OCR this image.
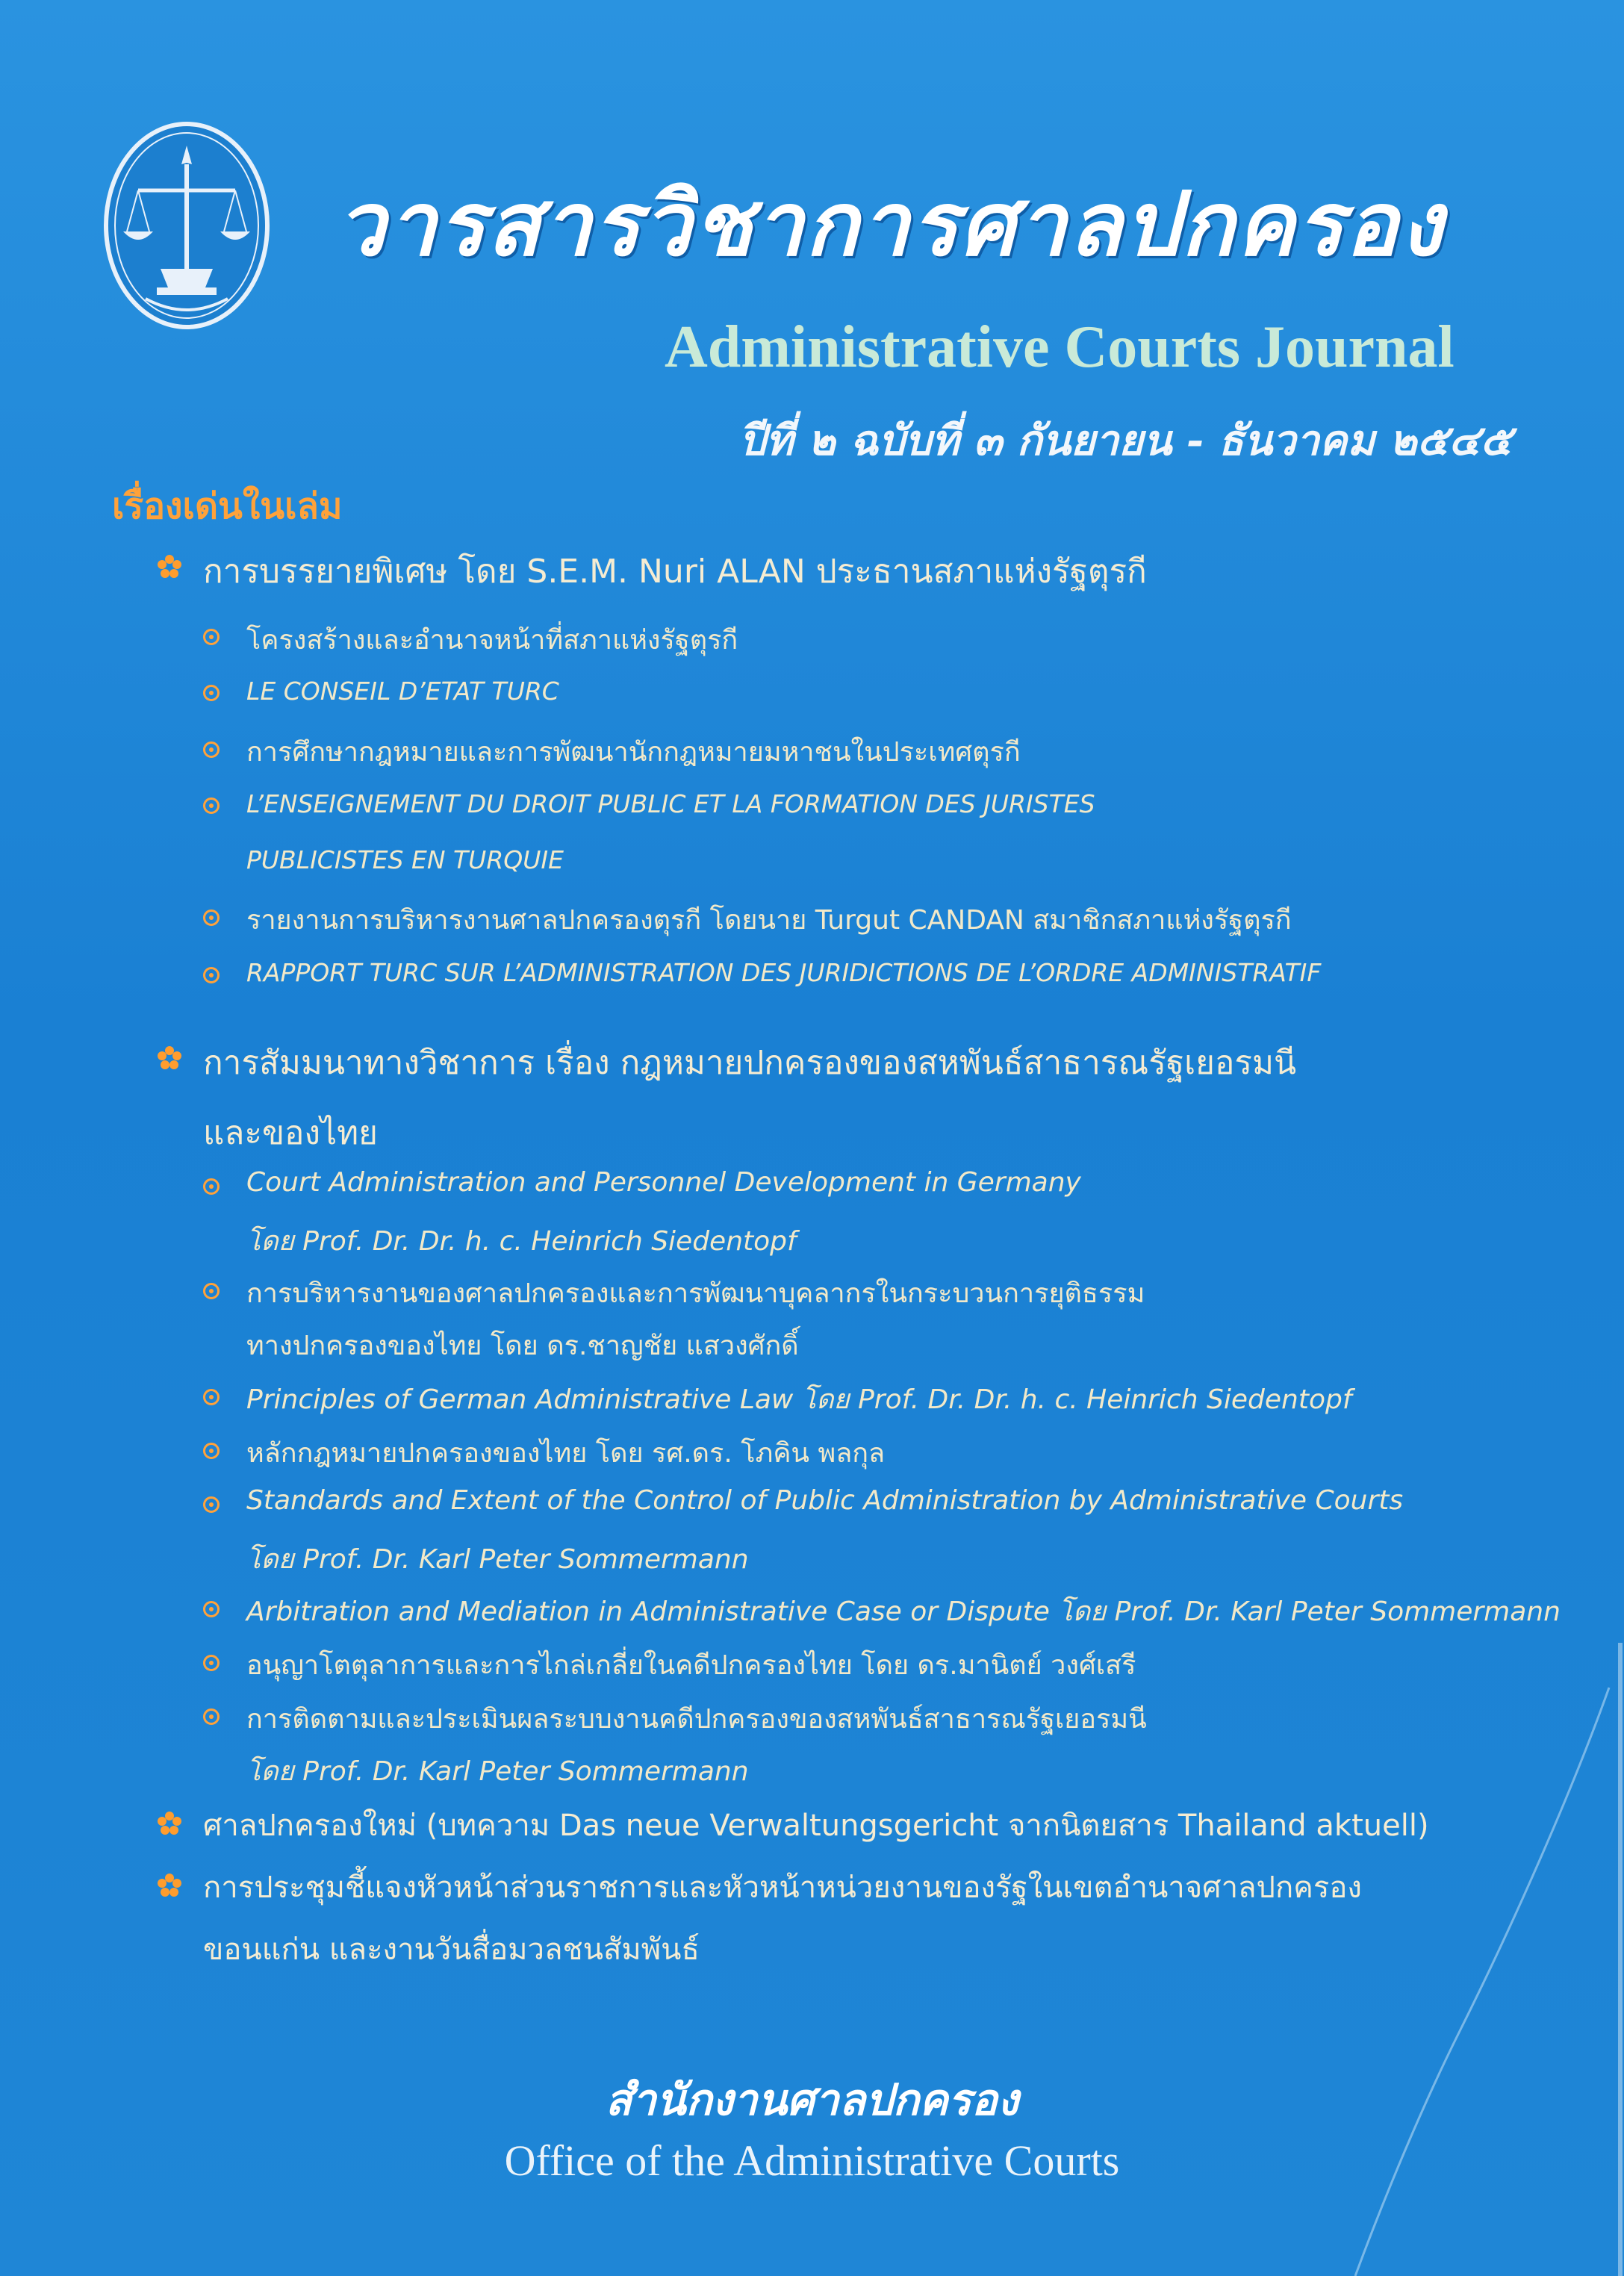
วารสารวิชาการศาลปกครอง
Administrative Courts Journal
ปีที่ ๒ ฉบับที่ ๓ กันยายน - ธันวาคม ๒๕๔๕
เรื่องเด่นในเล่ม
การบรรยายพิเศษ โดย S.E.M. Nuri ALAN ประธานสภาแห่งรัฐตุรกี
โครงสร้างและอำนาจหน้าที่สภาแห่งรัฐตุรกี
LE CONSEIL D’ETAT TURC
การศึกษากฎหมายและการพัฒนานักกฎหมายมหาชนในประเทศตุรกี
L’ENSEIGNEMENT DU DROIT PUBLIC ET LA FORMATION DES JURISTES
PUBLICISTES EN TURQUIE
รายงานการบริหารงานศาลปกครองตุรกี โดยนาย Turgut CANDAN สมาชิกสภาแห่งรัฐตุรกี
RAPPORT TURC SUR L’ADMINISTRATION DES JURIDICTIONS DE L’ORDRE ADMINISTRATIF
การสัมมนาทางวิชาการ เรื่อง กฎหมายปกครองของสหพันธ์สาธารณรัฐเยอรมนี
และของไทย
Court Administration and Personnel Development in Germany
โดย Prof. Dr. Dr. h. c. Heinrich Siedentopf
การบริหารงานของศาลปกครองและการพัฒนาบุคลากรในกระบวนการยุติธรรม
ทางปกครองของไทย โดย ดร.ชาญชัย แสวงศักดิ์
Principles of German Administrative Law โดย Prof. Dr. Dr. h. c. Heinrich Siedentopf
หลักกฎหมายปกครองของไทย โดย รศ.ดร. โภคิน พลกุล
Standards and Extent of the Control of Public Administration by Administrative Courts
โดย Prof. Dr. Karl Peter Sommermann
Arbitration and Mediation in Administrative Case or Dispute โดย Prof. Dr. Karl Peter Sommermann
อนุญาโตตุลาการและการไกล่เกลี่ยในคดีปกครองไทย โดย ดร.มานิตย์ วงศ์เสรี
การติดตามและประเมินผลระบบงานคดีปกครองของสหพันธ์สาธารณรัฐเยอรมนี
โดย Prof. Dr. Karl Peter Sommermann
ศาลปกครองใหม่ (บทความ Das neue Verwaltungsgericht จากนิตยสาร Thailand aktuell)
การประชุมชี้แจงหัวหน้าส่วนราชการและหัวหน้าหน่วยงานของรัฐในเขตอำนาจศาลปกครอง
ขอนแก่น และงานวันสื่อมวลชนสัมพันธ์
สำนักงานศาลปกครอง
Office of the Administrative Courts
